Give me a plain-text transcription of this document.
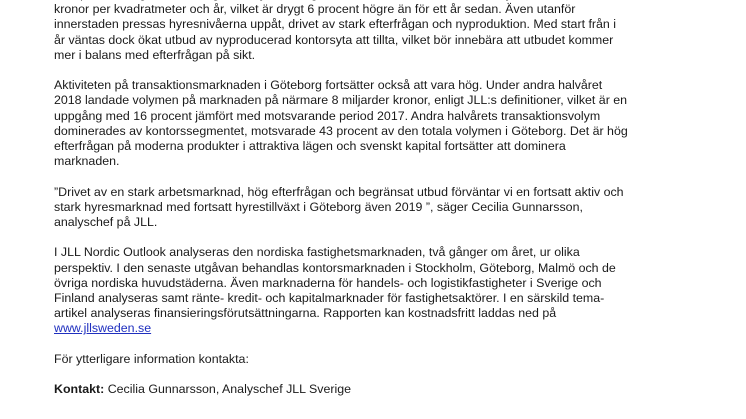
kronor per kvadratmeter och år, vilket är drygt 6 procent högre än för ett år sedan. Även utanför
innerstaden pressas hyresnivåerna uppåt, drivet av stark efterfrågan och nyproduktion. Med start från i
år väntas dock ökat utbud av nyproducerad kontorsyta att tillta, vilket bör innebära att utbudet kommer
mer i balans med efterfrågan på sikt.

Aktiviteten på transaktionsmarknaden i Göteborg fortsätter också att vara hög. Under andra halvåret
2018 landade volymen på marknaden på närmare 8 miljarder kronor, enligt JLL:s definitioner, vilket är en
uppgång med 16 procent jämfört med motsvarande period 2017. Andra halvårets transaktionsvolym
dominerades av kontorssegmentet, motsvarade 43 procent av den totala volymen i Göteborg. Det är hög
efterfrågan på moderna produkter i attraktiva lägen och svenskt kapital fortsätter att dominera
marknaden.

”Drivet av en stark arbetsmarknad, hög efterfrågan och begränsat utbud förväntar vi en fortsatt aktiv och
stark hyresmarknad med fortsatt hyrestillväxt i Göteborg även 2019 ”, säger Cecilia Gunnarsson,
analyschef på JLL.

I JLL Nordic Outlook analyseras den nordiska fastighetsmarknaden, två gånger om året, ur olika
perspektiv. I den senaste utgåvan behandlas kontorsmarknaden i Stockholm, Göteborg, Malmö och de
övriga nordiska huvudstäderna. Även marknaderna för handels- och logistikfastigheter i Sverige och
Finland analyseras samt ränte- kredit- och kapitalmarknader för fastighetsaktörer. I en särskild tema-
artikel analyseras finansieringsförutsättningarna. Rapporten kan kostnadsfritt laddas ned på
www.jllsweden.se

För ytterligare information kontakta:

Kontakt: Cecilia Gunnarsson, Analyschef JLL Sverige
